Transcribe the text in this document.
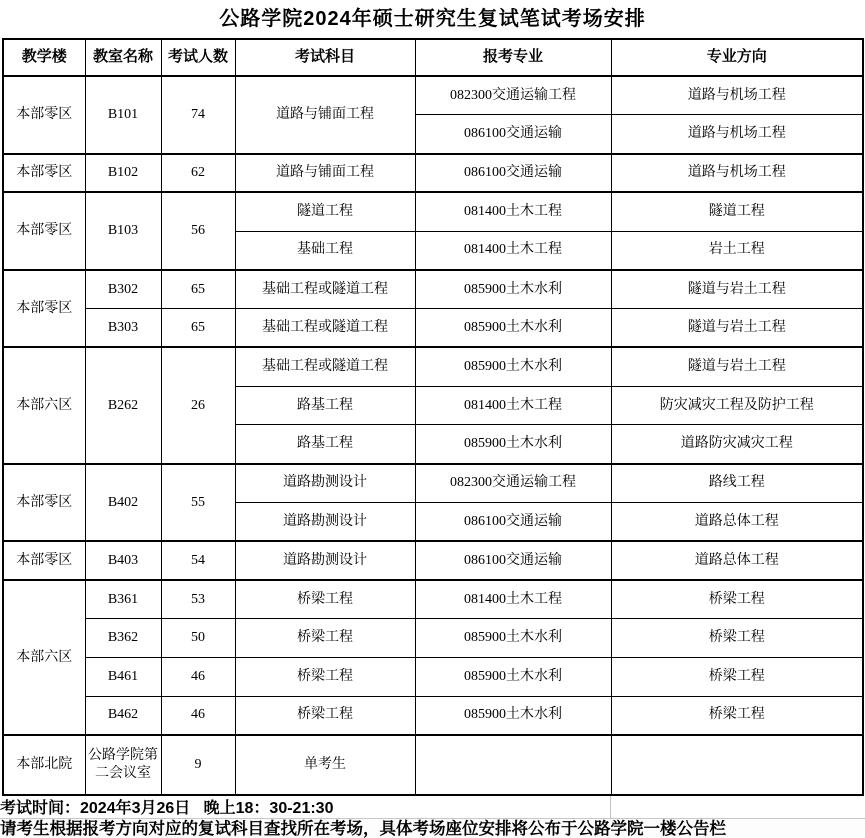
公路学院2024年硕士研究生复试笔试考场安排
教学楼	教室名称	考试人数	考试科目	报考专业	专业方向
本部零区	B101	74	道路与铺面工程	082300交通运输工程	道路与机场工程
				086100交通运输	道路与机场工程
本部零区	B102	62	道路与铺面工程	086100交通运输	道路与机场工程
本部零区	B103	56	隧道工程	081400土木工程	隧道工程
			基础工程	081400土木工程	岩土工程
本部零区	B302	65	基础工程或隧道工程	085900土木水利	隧道与岩土工程
	B303	65	基础工程或隧道工程	085900土木水利	隧道与岩土工程
本部六区	B262	26	基础工程或隧道工程	085900土木水利	隧道与岩土工程
			路基工程	081400土木工程	防灾减灾工程及防护工程
			路基工程	085900土木水利	道路防灾减灾工程
本部零区	B402	55	道路勘测设计	082300交通运输工程	路线工程
			道路勘测设计	086100交通运输	道路总体工程
本部零区	B403	54	道路勘测设计	086100交通运输	道路总体工程
本部六区	B361	53	桥梁工程	081400土木工程	桥梁工程
	B362	50	桥梁工程	085900土木水利	桥梁工程
	B461	46	桥梁工程	085900土木水利	桥梁工程
	B462	46	桥梁工程	085900土木水利	桥梁工程
本部北院	公路学院第二会议室	9	单考生		
考试时间：2024年3月26日   晚上18：30-21:30
请考生根据报考方向对应的复试科目查找所在考场，具体考场座位安排将公布于公路学院一楼公告栏
